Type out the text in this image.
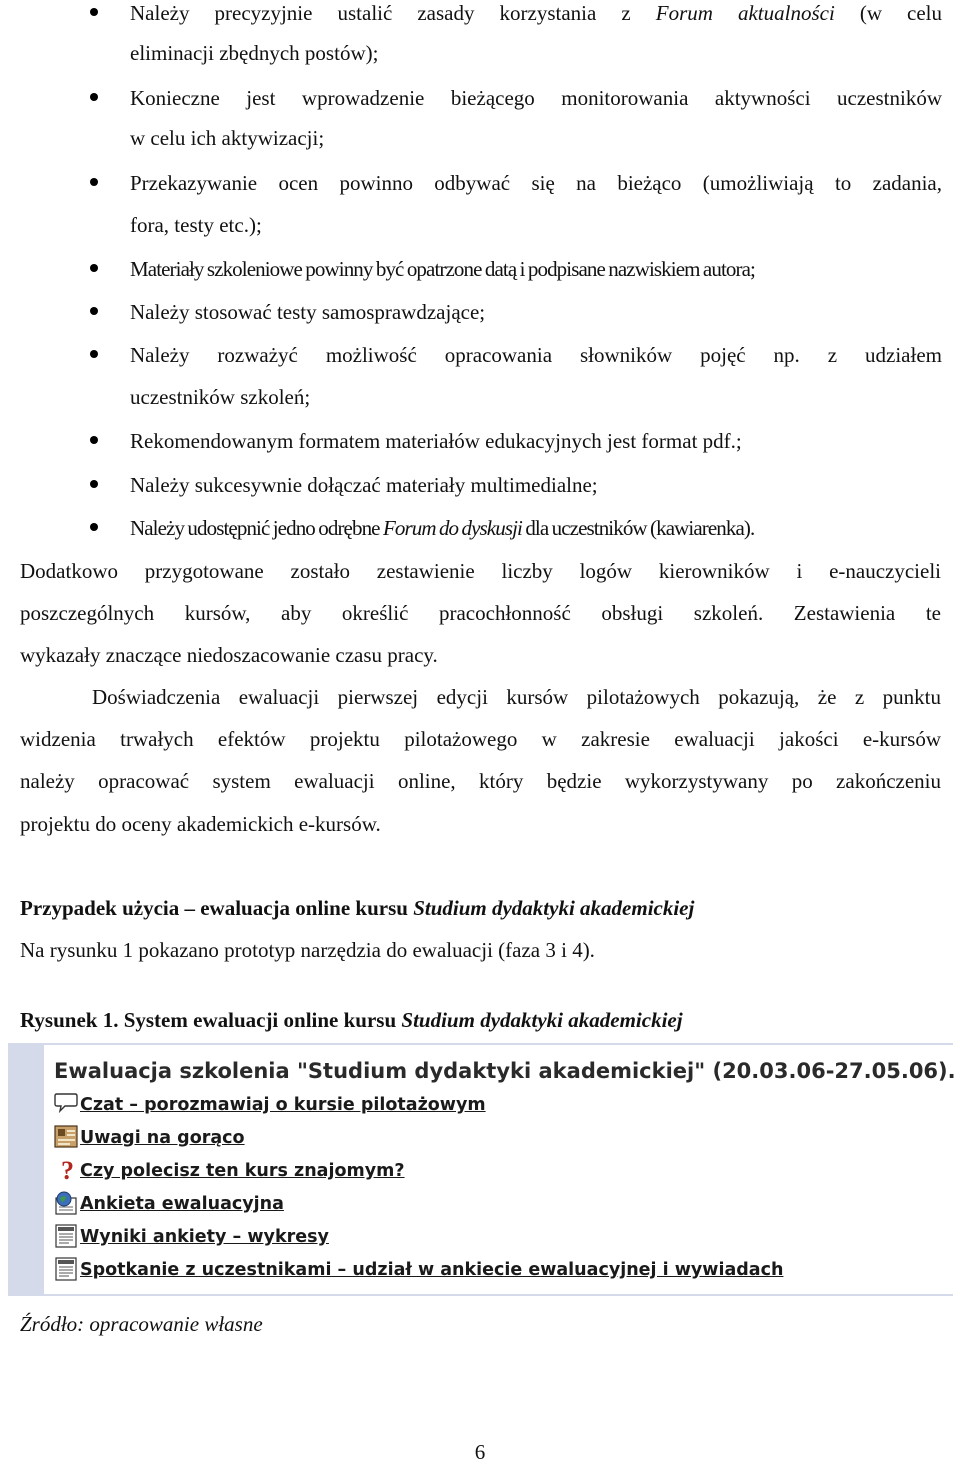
Należy precyzyjnie ustalić zasady korzystania z Forum aktualności (w celu
eliminacji zbędnych postów);
Konieczne jest wprowadzenie bieżącego monitorowania aktywności uczestników
w celu ich aktywizacji;
Przekazywanie ocen powinno odbywać się na bieżąco (umożliwiają to zadania,
fora, testy etc.);
Materiały szkoleniowe powinny być opatrzone datą i podpisane nazwiskiem autora;
Należy stosować testy samosprawdzające;
Należy rozważyć możliwość opracowania słowników pojęć np. z udziałem
uczestników szkoleń;
Rekomendowanym formatem materiałów edukacyjnych jest format pdf.;
Należy sukcesywnie dołączać materiały multimedialne;
Należy udostępnić jedno odrębne Forum do dyskusji dla uczestników (kawiarenka).
Dodatkowo przygotowane zostało zestawienie liczby logów kierowników i e-nauczycieli
poszczególnych kursów, aby określić pracochłonność obsługi szkoleń. Zestawienia te
wykazały znaczące niedoszacowanie czasu pracy.
Doświadczenia ewaluacji pierwszej edycji kursów pilotażowych pokazują, że z punktu
widzenia trwałych efektów projektu pilotażowego w zakresie ewaluacji jakości e-kursów
należy opracować system ewaluacji online, który będzie wykorzystywany po zakończeniu
projektu do oceny akademickich e-kursów.
Przypadek użycia – ewaluacja online kursu Studium dydaktyki akademickiej
Na rysunku 1 pokazano prototyp narzędzia do ewaluacji (faza 3 i 4).
Rysunek 1. System ewaluacji online kursu Studium dydaktyki akademickiej
Ewaluacja szkolenia "Studium dydaktyki akademickiej" (20.03.06-27.05.06).
Czat – porozmawiaj o kursie pilotażowym
Uwagi na gorąco
? Czy polecisz ten kurs znajomym?
Ankieta ewaluacyjna
Wyniki ankiety – wykresy
Spotkanie z uczestnikami – udział w ankiecie ewaluacyjnej i wywiadach
Źródło: opracowanie własne
6
